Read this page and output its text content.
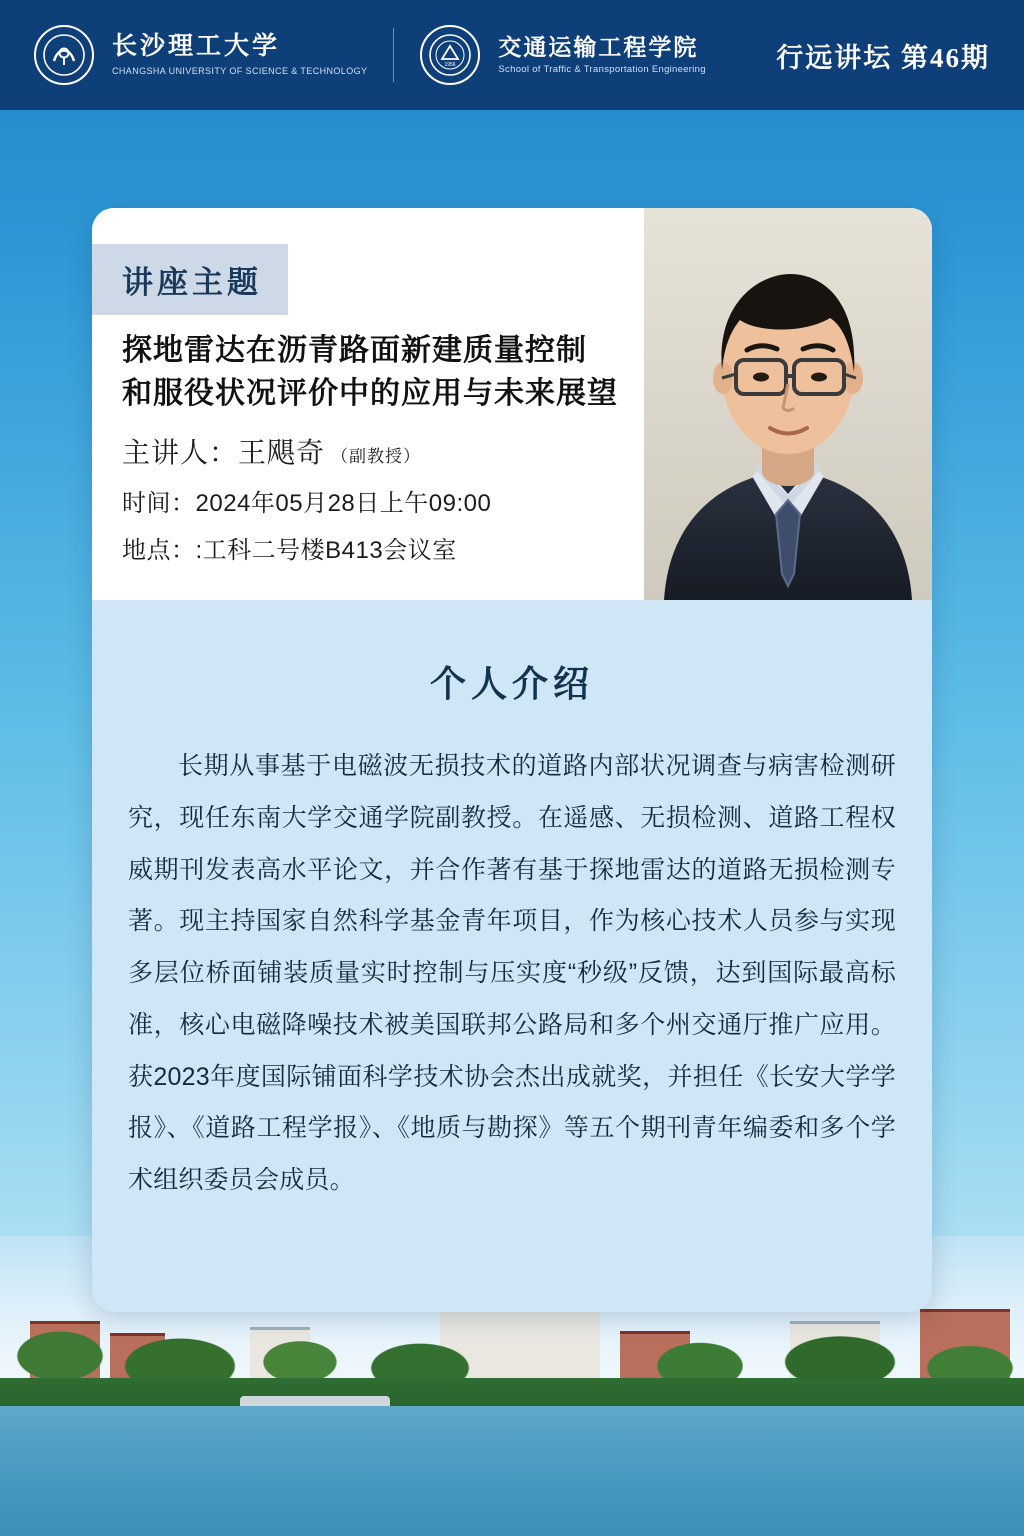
长沙理工大学
CHANGSHA UNIVERSITY OF SCIENCE & TECHNOLOGY
1956
交通运输工程学院
School of Traffic & Transportation Engineering	行远讲坛 第46期
讲座主题
探地雷达在沥青路面新建质量控制
和服役状况评价中的应用与未来展望
主讲人： 王飓奇 （副教授）
时间：2024年05月28日上午09:00
地点：:工科二号楼B413会议室
个人介绍
长期从事基于电磁波无损技术的道路内部状况调查与病害检测研究，现任东南大学交通学院副教授。在遥感、无损检测、道路工程权威期刊发表高水平论文，并合作著有基于探地雷达的道路无损检测专著。现主持国家自然科学基金青年项目，作为核心技术人员参与实现多层位桥面铺装质量实时控制与压实度“秒级”反馈，达到国际最高标准，核心电磁降噪技术被美国联邦公路局和多个州交通厅推广应用。获2023年度国际铺面科学技术协会杰出成就奖，并担任《长安大学学报》、《道路工程学报》、《地质与勘探》等五个期刊青年编委和多个学术组织委员会成员。
